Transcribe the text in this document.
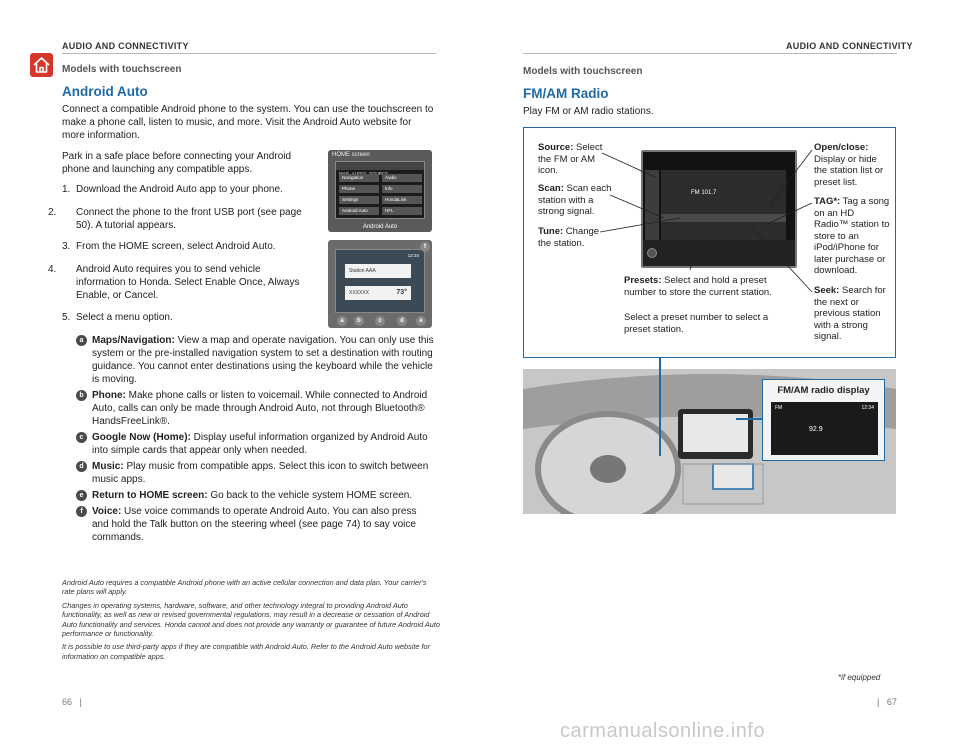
AUDIO AND CONNECTIVITY
Models with touchscreen
Android Auto
Connect a compatible Android phone to the system. You can use the touchscreen to make a phone call, listen to music, and more. Visit the Android Auto website for more information.
Park in a safe place before connecting your Android phone and launching any compatible apps.
1. Download the Android Auto app to your phone.
2. Connect the phone to the front USB port (see page 50). A tutorial appears.
3. From the HOME screen, select Android Auto.
4. Android Auto requires you to send vehicle information to Honda. Select Enable Once, Always Enable, or Cancel.
5. Select a menu option.
a Maps/Navigation: View a map and operate navigation. You can only use this system or the pre-installed navigation system to set a destination with routing guidance. You cannot enter destinations using the keyboard while the vehicle is moving.
b Phone: Make phone calls or listen to voicemail. While connected to Android Auto, calls can only be made through Android Auto, not through Bluetooth® HandsFreeLink®.
c Google Now (Home): Display useful information organized by Android Auto into simple cards that appear only when needed.
d Music: Play music from compatible apps. Select this icon to switch between music apps.
e Return to HOME screen: Go back to the vehicle system HOME screen.
f Voice: Use voice commands to operate Android Auto. You can also press and hold the Talk button on the steering wheel (see page 74) to say voice commands.
HOME screen
Navigation	Audio
Phone	Info
Settings	HondaLink
Android Auto	HFL
Android Auto
12:34
Station AAA
XXXXXX	73°
f
a	b	c	d	e
Android Auto requires a compatible Android phone with an active cellular connection and data plan. Your carrier's rate plans will apply.
Changes in operating systems, hardware, software, and other technology integral to providing Android Auto functionality, as well as new or revised governmental regulations, may result in a decrease or cessation of Android Auto functionality and services. Honda cannot and does not provide any warranty or guarantee of future Android Auto performance or functionality.
It is possible to use third-party apps if they are compatible with Android Auto. Refer to the Android Auto website for information on compatible apps.
66   |
AUDIO AND CONNECTIVITY
Models with touchscreen
FM/AM Radio
Play FM or AM radio stations.
FM 101.7
Source: Select the FM or AM icon.
Scan: Scan each station with a strong signal.
Tune: Change the station.
Presets: Select and hold a preset number to store the current station.
Select a preset number to select a preset station.
Open/close: Display or hide the station list or preset list.
TAG*: Tag a song on an HD Radio™ station to store to an iPod/iPhone for later purchase or download.
Seek: Search for the next or previous station with a strong signal.
FM/AM radio display
FM	12:34
92.9
*if equipped
|   67
carmanualsonline.info
